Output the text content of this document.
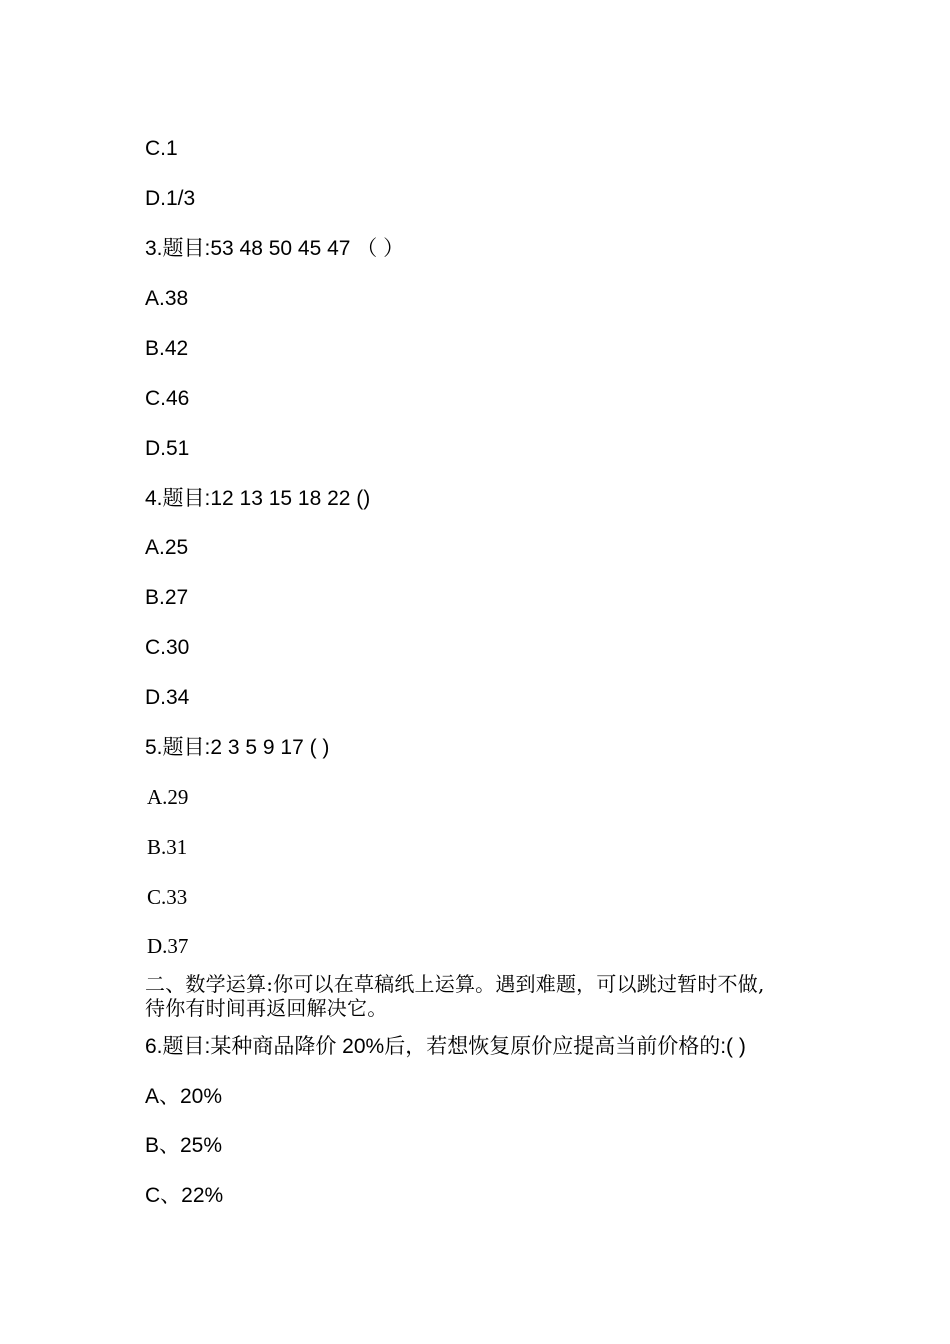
C.1
D.1/3
3.题目:53 48 50 45 47 （ ）
A.38
B.42
C.46
D.51
4.题目:12 13 15 18 22 ()
A.25
B.27
C.30
D.34
5.题目:2 3 5 9 17 ( )
A.29
B.31
C.33
D.37
二、数学运算:你可以在草稿纸上运算。遇到难题，可以跳过暂时不做,
待你有时间再返回解决它。
6.题目:某种商品降价 20%后，若想恢复原价应提高当前价格的:( )
A、20%
B、25%
C、22%
